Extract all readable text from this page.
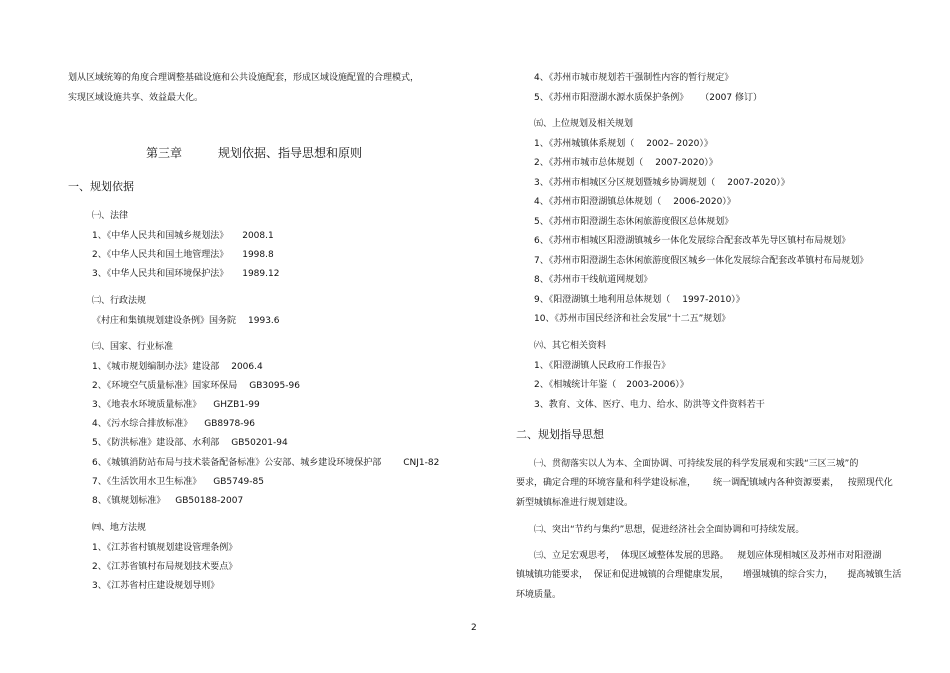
划从区域统筹的角度合理调整基础设施和公共设施配套，形成区域设施配置的合理模式，

实现区域设施共享、效益最大化。

第三章	规划依据、指导思想和原则

一、规划依据

㈠、法律

1、《中华人民共和国城乡规划法》 2008.1

2、《中华人民共和国土地管理法》 1998.8

3、《中华人民共和国环境保护法》 1989.12

㈡、行政法规

《村庄和集镇规划建设条例》国务院 1993.6

㈢、国家、行业标准

1、《城市规划编制办法》建设部 2006.4

2、《环境空气质量标准》国家环保局 GB3095-96

3、《地表水环境质量标准》 GHZB1-99

4、《污水综合排放标准》 GB8978-96

5、《防洪标准》建设部、水利部 GB50201-94

6、《城镇消防站布局与技术装备配备标准》公安部、城乡建设环境保护部 CNJ1-82

7、《生活饮用水卫生标准》 GB5749-85

8、《镇规划标准》 GB50188-2007

㈣、地方法规

1、《江苏省村镇规划建设管理条例》

2、《江苏省镇村布局规划技术要点》

3、《江苏省村庄建设规划导则》

4、《苏州市城市规划若干强制性内容的暂行规定》

5、《苏州市阳澄湖水源水质保护条例》 （2007 修订）

㈤、上位规划及相关规划

1、《苏州城镇体系规划（ 2002– 2020）》

2、《苏州市城市总体规划（ 2007-2020）》

3、《苏州市相城区分区规划暨城乡协调规划（ 2007-2020）》

4、《苏州市阳澄湖镇总体规划（ 2006-2020）》

5、《苏州市阳澄湖生态休闲旅游度假区总体规划》

6、《苏州市相城区阳澄湖镇城乡一体化发展综合配套改革先导区镇村布局规划》

7、《苏州市阳澄湖生态休闲旅游度假区城乡一体化发展综合配套改革镇村布局规划》

8、《苏州市干线航道网规划》

9、《阳澄湖镇土地利用总体规划（ 1997-2010）》

10、《苏州市国民经济和社会发展“十二五”规划》

㈥、其它相关资料

1、《阳澄湖镇人民政府工作报告》

2、《相城统计年鉴（ 2003-2006）》

3、教育、文体、医疗、电力、给水、防洪等文件资料若干

二、规划指导思想

㈠、贯彻落实以人为本、全面协调、可持续发展的科学发展观和实践“三区三城”的

要求，确定合理的环境容量和科学建设标准，      统一调配镇域内各种资源要素，   按照现代化

新型城镇标准进行规划建设。

㈡、突出“节约与集约”思想，促进经济社会全面协调和可持续发展。

㈢、立足宏观思考，  体现区域整体发展的思路。   规划应体现相城区及苏州市对阳澄湖

镇城镇功能要求，  保证和促进城镇的合理健康发展，     增强城镇的综合实力，     提高城镇生活

环境质量。

2
